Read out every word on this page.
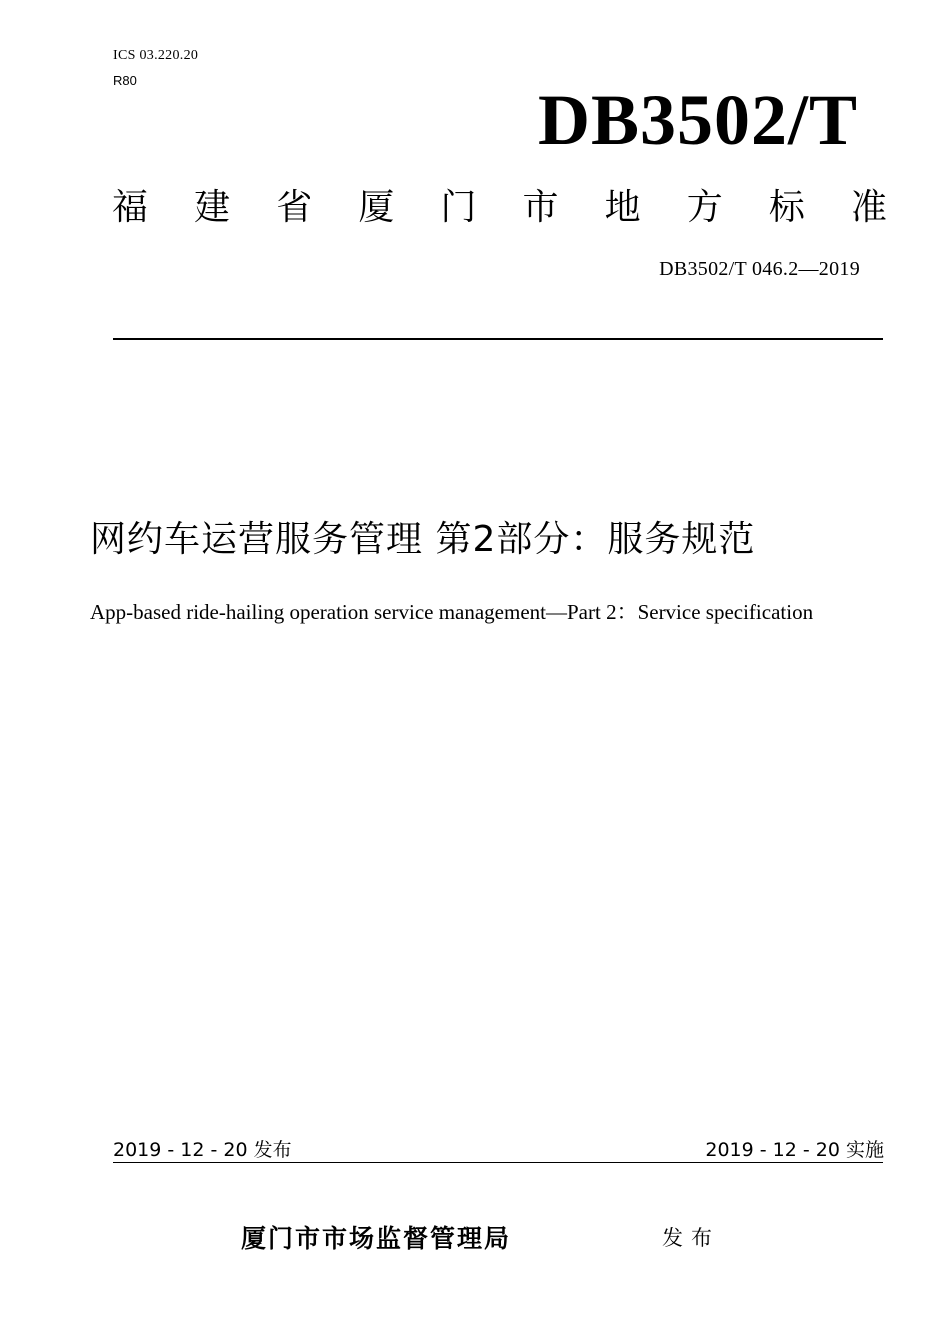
ICS 03.220.20
R80	DB3502/T
福 建 省 厦 门 市 地 方 标 准
DB3502/T 046.2—2019
网约车运营服务管理 第2部分：服务规范
App-based ride-hailing operation service management—Part 2：Service specification
2019 - 12 - 20 发布	2019 - 12 - 20 实施
厦门市市场监督管理局	发布
